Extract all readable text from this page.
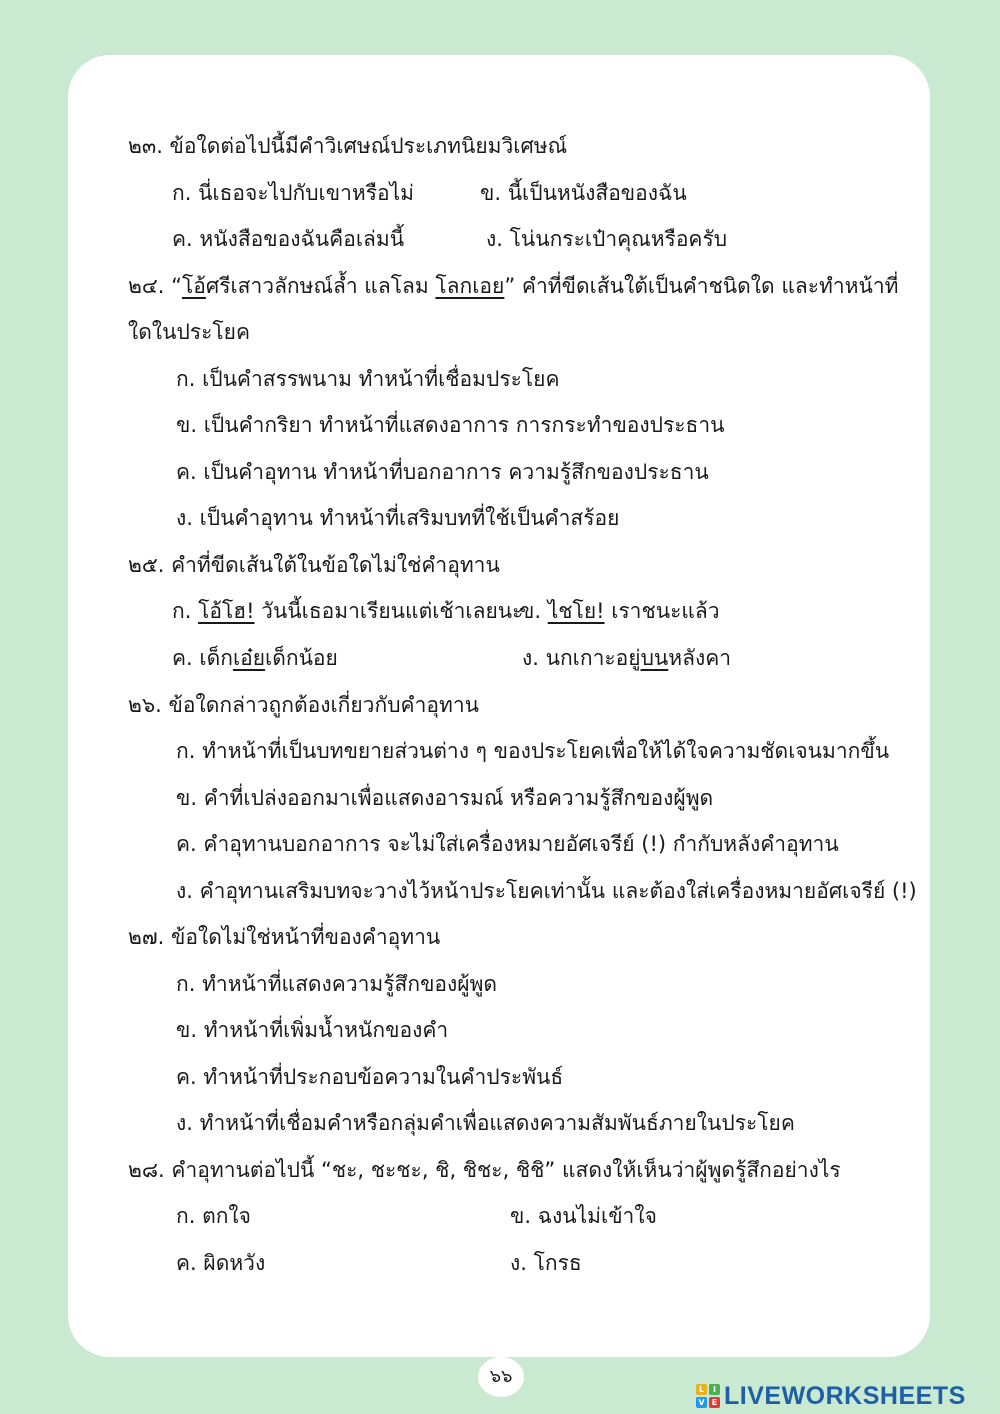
๒๓. ข้อใดต่อไปนี้มีคำวิเศษณ์ประเภทนิยมวิเศษณ์
ก. นี่เธอจะไปกับเขาหรือไม่	ข. นี้เป็นหนังสือของฉัน
ค. หนังสือของฉันคือเล่มนี้	ง. โน่นกระเป๋าคุณหรือครับ
๒๔. “โอ้ศรีเสาวลักษณ์ล้ำ แลโลม โลกเอย” คำที่ขีดเส้นใต้เป็นคำชนิดใด และทำหน้าที่
ใดในประโยค
ก. เป็นคำสรรพนาม ทำหน้าที่เชื่อมประโยค
ข. เป็นคำกริยา ทำหน้าที่แสดงอาการ การกระทำของประธาน
ค. เป็นคำอุทาน ทำหน้าที่บอกอาการ ความรู้สึกของประธาน
ง. เป็นคำอุทาน ทำหน้าที่เสริมบทที่ใช้เป็นคำสร้อย
๒๕. คำที่ขีดเส้นใต้ในข้อใดไม่ใช่คำอุทาน
ก. โอ้โฮ! วันนี้เธอมาเรียนแต่เช้าเลยนะ
ข. ไชโย! เราชนะแล้ว
ค. เด็กเอ๋ยเด็กน้อย	ง. นกเกาะอยู่บนหลังคา
๒๖. ข้อใดกล่าวถูกต้องเกี่ยวกับคำอุทาน
ก. ทำหน้าที่เป็นบทขยายส่วนต่าง ๆ ของประโยคเพื่อให้ได้ใจความชัดเจนมากขึ้น
ข. คำที่เปล่งออกมาเพื่อแสดงอารมณ์ หรือความรู้สึกของผู้พูด
ค. คำอุทานบอกอาการ จะไม่ใส่เครื่องหมายอัศเจรีย์ (!) กำกับหลังคำอุทาน
ง. คำอุทานเสริมบทจะวางไว้หน้าประโยคเท่านั้น และต้องใส่เครื่องหมายอัศเจรีย์ (!)
๒๗. ข้อใดไม่ใช่หน้าที่ของคำอุทาน
ก. ทำหน้าที่แสดงความรู้สึกของผู้พูด
ข. ทำหน้าที่เพิ่มน้ำหนักของคำ
ค. ทำหน้าที่ประกอบข้อความในคำประพันธ์
ง. ทำหน้าที่เชื่อมคำหรือกลุ่มคำเพื่อแสดงความสัมพันธ์ภายในประโยค
๒๘. คำอุทานต่อไปนี้ “ชะ, ชะชะ, ชิ, ชิชะ, ชิชิ” แสดงให้เห็นว่าผู้พูดรู้สึกอย่างไร
ก. ตกใจ	ข. ฉงนไม่เข้าใจ
ค. ผิดหวัง	ง. โกรธ
๖๖
L	I
V E LIVEWORKSHEETS
